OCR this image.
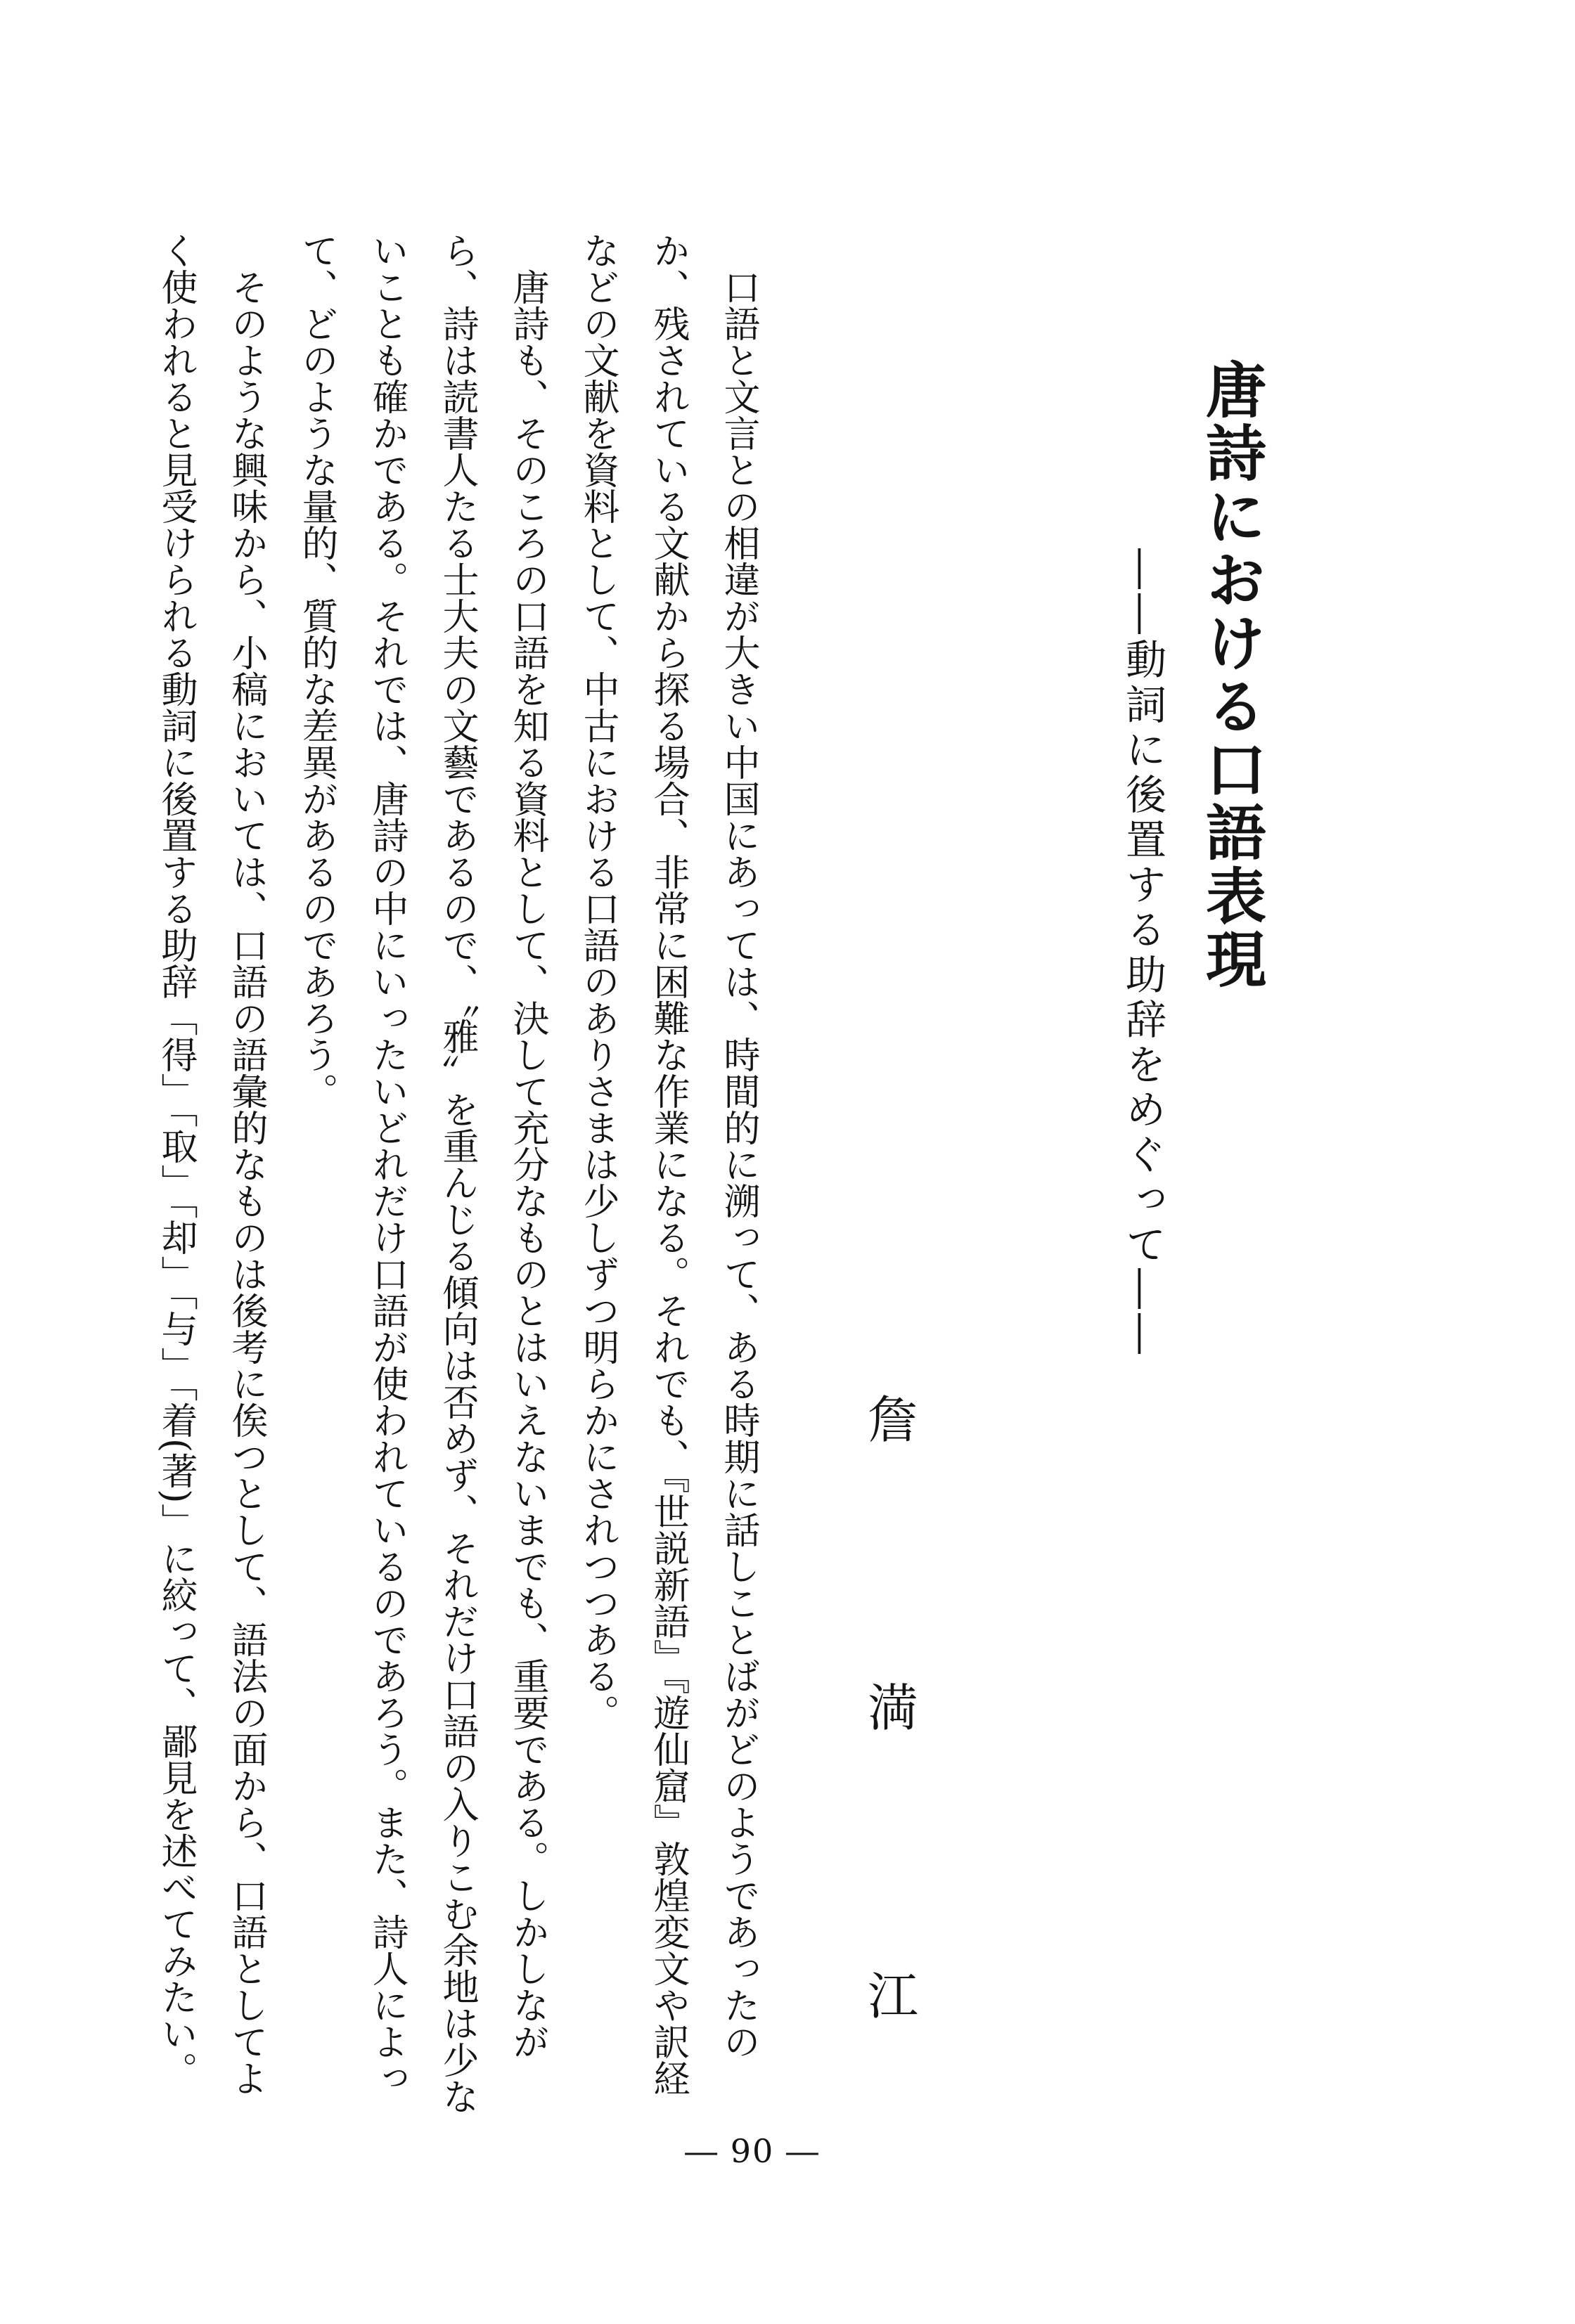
唐詩における口語表現
――動詞に後置する助辞をめぐって――
詹
満
江

口語と文言との相違が大きい中国にあっては、時間的に溯って、ある時期に話しことばがどのようであったのか、残されている文献から探る場合、非常に困難な作業になる。それでも、『世説新語』『遊仙窟』敦煌変文や訳経などの文献を資料として、中古における口語のありさまは少しずつ明らかにされつつある。

唐詩も、そのころの口語を知る資料として、決して充分なものとはいえないまでも、重要である。しかしながら、詩は読書人たる士大夫の文藝であるので、〝雅〟を重んじる傾向は否めず、それだけ口語の入りこむ余地は少ないことも確かである。それでは、唐詩の中にいったいどれだけ口語が使われているのであろう。また、詩人によって、どのような量的、質的な差異があるのであろう。

そのような興味から、小稿においては、口語の語彙的なものは後考に俟つとして、語法の面から、口語としてよく使われると見受けられる動詞に後置する助辞「得」「取」「却」「与」「着(著)」に絞って、鄙見を述べてみたい。

― 90 ―
